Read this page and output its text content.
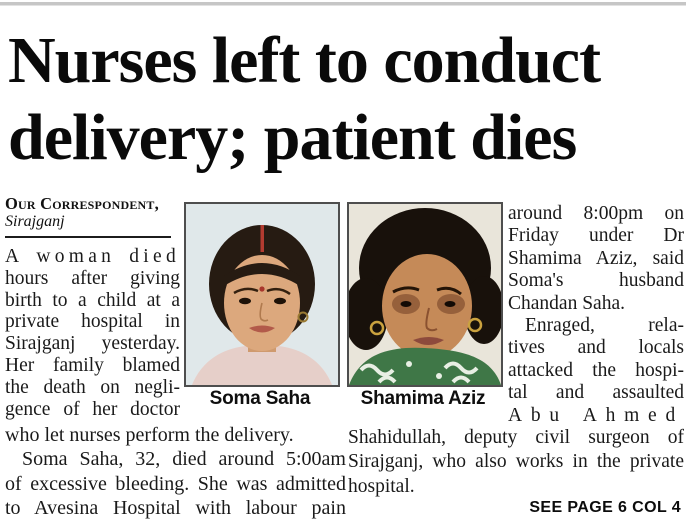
Nurses left to conduct
delivery; patient dies
Our Correspondent,
Sirajganj
A woman died
hours after giving
birth to a child at a
private hospital in
Sirajganj yesterday.
Her family blamed
the death on negli-
gence of her doctor
Soma Saha	Shamima Aziz
around 8:00pm on
Friday under Dr
Shamima Aziz, said
Soma's husband
Chandan Saha.
Enraged, rela-
tives and locals
attacked the hospi-
tal and assaulted
Abu Ahmed
who let nurses perform the delivery.
Soma Saha, 32, died around 5:00am
of excessive bleeding. She was admitted
to Avesina Hospital with labour pain
Shahidullah, deputy civil surgeon of
Sirajganj, who also works in the private
hospital.
SEE PAGE 6 COL 4
